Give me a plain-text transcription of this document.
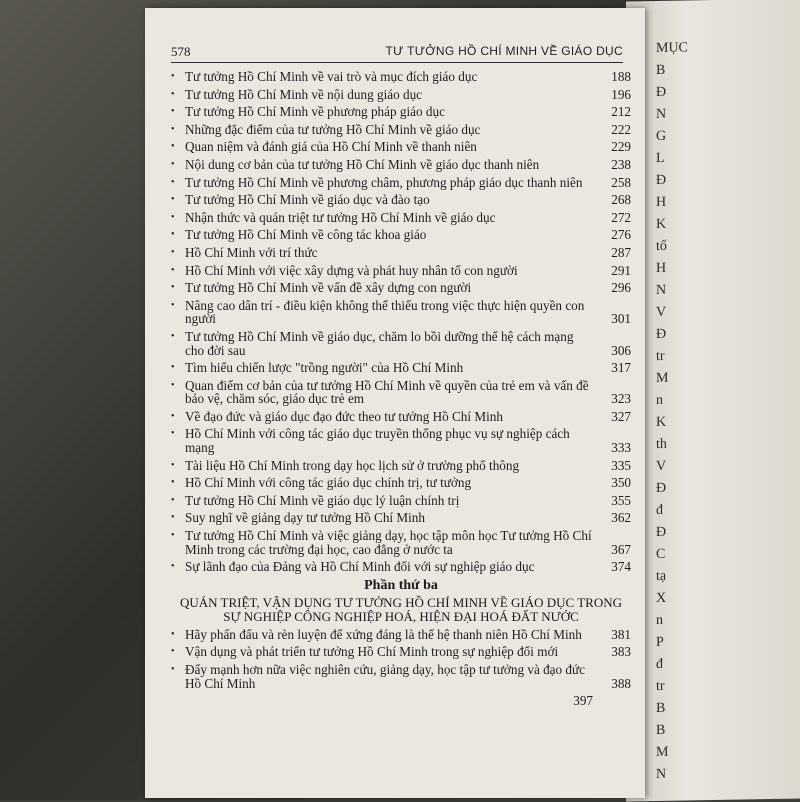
MỤC
B
Đ
N
G
L
Đ
H
K
tố
H
N
V
Đ
tr
M
n
K
th
V
Đ
đ
Đ
C
tạ
X
n
P
đ
tr
B
B
M
N
578	TƯ TƯỞNG HỒ CHÍ MINH VỀ GIÁO DỤC
• Tư tưởng Hồ Chí Minh về vai trò và mục đích giáo dục	188
• Tư tưởng Hồ Chí Minh về nội dung giáo dục	196
• Tư tưởng Hồ Chí Minh về phương pháp giáo dục	212
• Những đặc điểm của tư tưởng Hồ Chí Minh về giáo dục	222
• Quan niệm và đánh giá của Hồ Chí Minh về thanh niên	229
• Nội dung cơ bản của tư tưởng Hồ Chí Minh về giáo dục thanh niên	238
• Tư tưởng Hồ Chí Minh về phương châm, phương pháp giáo dục thanh niên 258
• Tư tưởng Hồ Chí Minh về giáo dục và đào tạo	268
• Nhận thức và quán triệt tư tưởng Hồ Chí Minh về giáo dục	272
• Tư tưởng Hồ Chí Minh về công tác khoa giáo	276
• Hồ Chí Minh với trí thức	287
• Hồ Chí Minh với việc xây dựng và phát huy nhân tố con người	291
• Tư tưởng Hồ Chí Minh về vấn đề xây dựng con người	296
• Nâng cao dân trí - điều kiện không thể thiếu trong việc thực hiện quyền con người	301
• Tư tưởng Hồ Chí Minh về giáo dục, chăm lo bồi dưỡng thế hệ cách mạng cho đời sau	306
• Tìm hiểu chiến lược "trồng người" của Hồ Chí Minh	317
• Quan điểm cơ bản của tư tưởng Hồ Chí Minh về quyền của trẻ em và vấn đề bảo vệ, chăm sóc, giáo dục trẻ em	323
• Về đạo đức và giáo dục đạo đức theo tư tưởng Hồ Chí Minh	327
• Hồ Chí Minh với công tác giáo dục truyền thống phục vụ sự nghiệp cách mạng	333
• Tài liệu Hồ Chí Minh trong dạy học lịch sử ở trường phổ thông	335
• Hồ Chí Minh với công tác giáo dục chính trị, tư tưởng	350
• Tư tưởng Hồ Chí Minh về giáo dục lý luận chính trị	355
• Suy nghĩ về giảng dạy tư tưởng Hồ Chí Minh	362
• Tư tưởng Hồ Chí Minh và việc giảng dạy, học tập môn học Tư tưởng Hồ Chí Minh trong các trường đại học, cao đẳng ở nước ta	367
• Sự lãnh đạo của Đảng và Hồ Chí Minh đối với sự nghiệp giáo dục	374
Phần thứ ba
QUÁN TRIỆT, VẬN DỤNG TƯ TƯỞNG HỒ CHÍ MINH VỀ GIÁO DỤC TRONG SỰ NGHIỆP CÔNG NGHIỆP HOÁ, HIỆN ĐẠI HOÁ ĐẤT NƯỚC
• Hãy phấn đấu và rèn luyện để xứng đáng là thế hệ thanh niên Hồ Chí Minh 381
• Vận dụng và phát triển tư tưởng Hồ Chí Minh trong sự nghiệp đổi mới	383
• Đẩy mạnh hơn nữa việc nghiên cứu, giảng dạy, học tập tư tưởng và đạo đức Hồ Chí Minh	388
397
